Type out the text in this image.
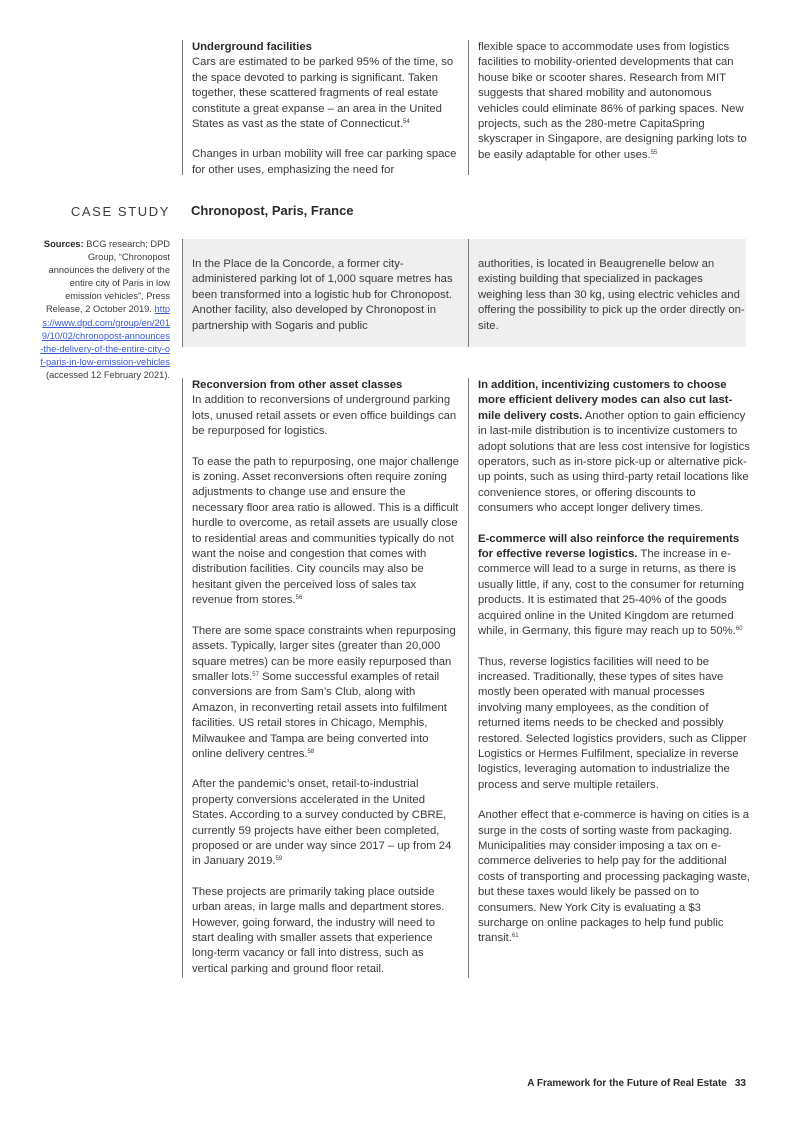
Underground facilities

Cars are estimated to be parked 95% of the time, so the space devoted to parking is significant. Taken together, these scattered fragments of real estate constitute a great expanse – an area in the United States as vast as the state of Connecticut.$^{54}$

Changes in urban mobility will free car parking space for other uses, emphasizing the need for

flexible space to accommodate uses from logistics facilities to mobility-oriented developments that can house bike or scooter shares. Research from MIT suggests that shared mobility and autonomous vehicles could eliminate 86% of parking spaces. New projects, such as the 280-metre CapitaSpring skyscraper in Singapore, are designing parking lots to be easily adaptable for other uses.$^{55}$

CASE STUDY Chronopost, Paris, France

In the Place de la Concorde, a former city-administered parking lot of 1,000 square metres has been transformed into a logistic hub for Chronopost. Another facility, also developed by Chronopost in partnership with Sogaris and public

authorities, is located in Beaugrenelle below an existing building that specialized in packages weighing less than 30 kg, using electric vehicles and offering the possibility to pick up the order directly on-site.

Sources: BCG research; DPD Group, “Chronopost announces the delivery of the entire city of Paris in low emission vehicles”, Press Release, 2 October 2019. https://www.dpd.com/group/en/2019/10/02/chronopost-announces-the-delivery-of-the-entire-city-of-paris-in-low-emission-vehicles (accessed 12 February 2021).
Reconversion from other asset classes

In addition to reconversions of underground parking lots, unused retail assets or even office buildings can be repurposed for logistics.

To ease the path to repurposing, one major challenge is zoning. Asset reconversions often require zoning adjustments to change use and ensure the necessary floor area ratio is allowed. This is a difficult hurdle to overcome, as retail assets are usually close to residential areas and communities typically do not want the noise and congestion that comes with distribution facilities. City councils may also be hesitant given the perceived loss of sales tax revenue from stores.$^{56}$

There are some space constraints when repurposing assets. Typically, larger sites (greater than 20,000 square metres) can be more easily repurposed than smaller lots.$^{57}$ Some successful examples of retail conversions are from Sam’s Club, along with Amazon, in reconverting retail assets into fulfilment facilities. US retail stores in Chicago, Memphis, Milwaukee and Tampa are being converted into online delivery centres.$^{58}$

After the pandemic’s onset, retail-to-industrial property conversions accelerated in the United States. According to a survey conducted by CBRE, currently 59 projects have either been completed, proposed or are under way since 2017 – up from 24 in January 2019.59

These projects are primarily taking place outside urban areas, in large malls and department stores. However, going forward, the industry will need to start dealing with smaller assets that experience long-term vacancy or fall into distress, such as vertical parking and ground floor retail.

In addition, incentivizing customers to choose more efficient delivery modes can also cut last-mile delivery costs. Another option to gain efficiency in last-mile distribution is to incentivize customers to adopt solutions that are less cost intensive for logistics operators, such as in-store pick-up or alternative pick-up points, such as using third-party retail locations like convenience stores, or offering discounts to consumers who accept longer delivery times.

E-commerce will also reinforce the requirements for effective reverse logistics. The increase in e-commerce will lead to a surge in returns, as there is usually little, if any, cost to the consumer for returning products. It is estimated that 25-40% of the goods acquired online in the United Kingdom are returned while, in Germany, this figure may reach up to 50%.$^{60}$

Thus, reverse logistics facilities will need to be increased. Traditionally, these types of sites have mostly been operated with manual processes involving many employees, as the condition of returned items needs to be checked and possibly restored. Selected logistics providers, such as Clipper Logistics or Hermes Fulfilment, specialize in reverse logistics, leveraging automation to industrialize the process and serve multiple retailers.

Another effect that e-commerce is having on cities is a surge in the costs of sorting waste from packaging. Municipalities may consider imposing a tax on e-commerce deliveries to help pay for the additional costs of transporting and processing packaging waste, but these taxes would likely be passed on to consumers. New York City is evaluating a $3 surcharge on online packages to help fund public transit.$^{61}$

A Framework for the Future of Real Estate 33
